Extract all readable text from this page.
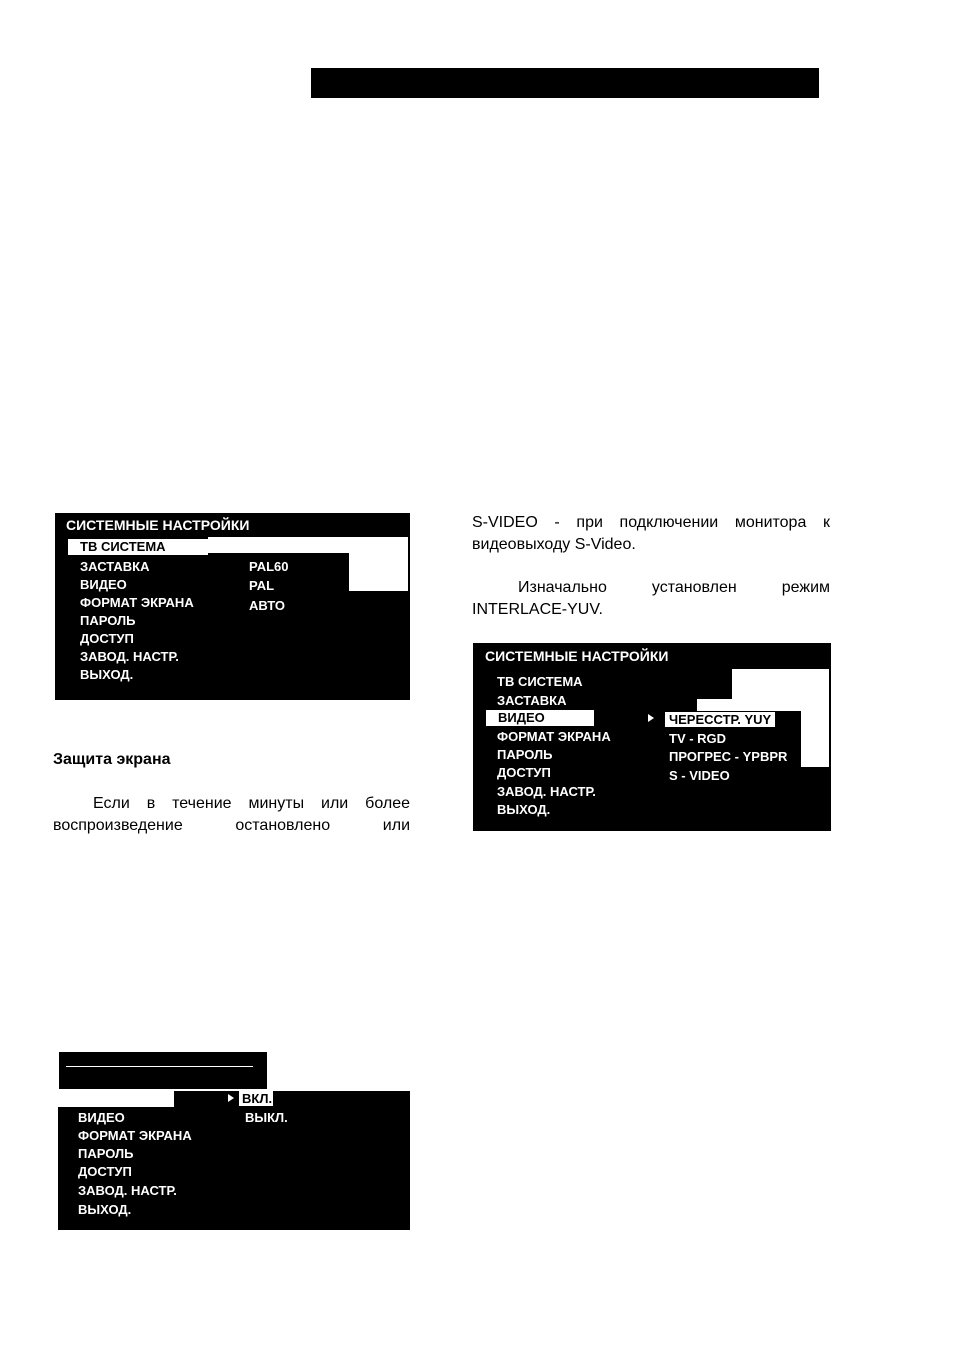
СИСТЕМНЫЕ НАСТРОЙКИ
ТВ СИСТЕМА
ЗАСТАВКА
ВИДЕО
ФОРМАТ ЭКРАНА
ПАРОЛЬ
ДОСТУП
ЗАВОД. НАСТР.
ВЫХОД.
NTSC
PAL60
PAL
АВТО
S-VIDEO - при подключении монитора к
видеовыходу S-Video.
Изначально установлен режим
INTERLACE-YUV.
СИСТЕМНЫЕ НАСТРОЙКИ
ТВ СИСТЕМА
ЗАСТАВКА
ВИДЕО
ФОРМАТ ЭКРАНА
ПАРОЛЬ
ДОСТУП
ЗАВОД. НАСТР.
ВЫХОД.
ЧЕРЕССТР. YUY
TV - RGD
ПРОГРЕС - YPBPR
S - VIDEO
Защита экрана
Если в течение минуты или более
воспроизведение остановлено или
ВКЛ.
ВЫКЛ.
ВИДЕО
ФОРМАТ ЭКРАНА
ПАРОЛЬ
ДОСТУП
ЗАВОД. НАСТР.
ВЫХОД.
